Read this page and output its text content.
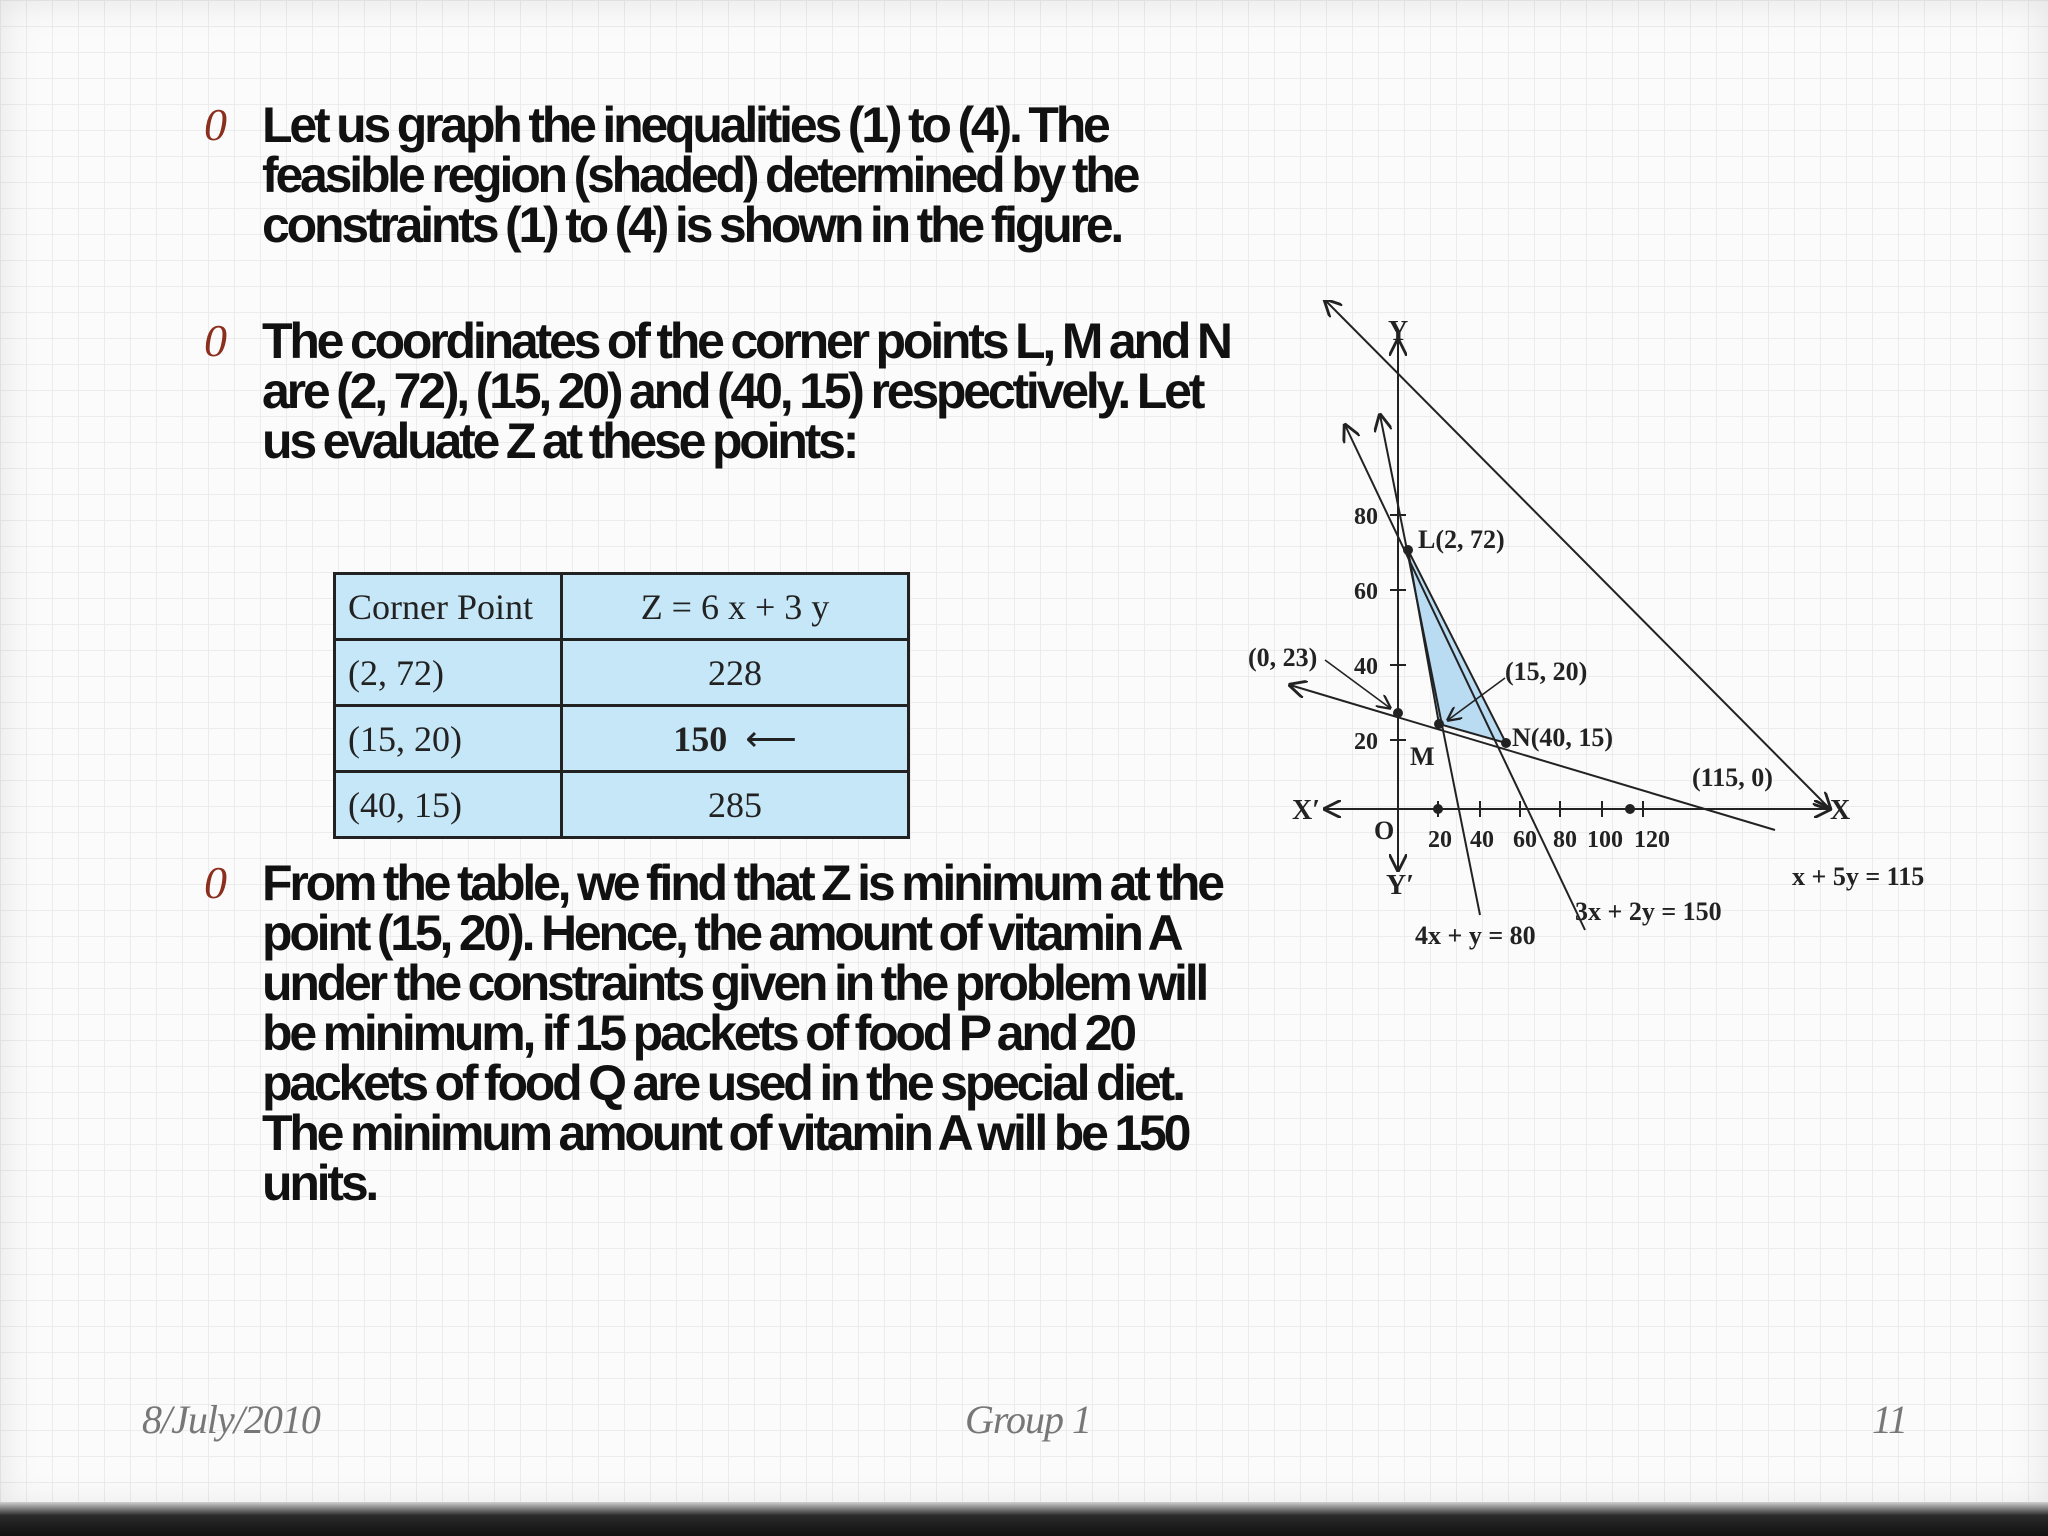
0 Let us graph the inequalities (1) to (4). The feasible region (shaded) determined by the constraints (1) to (4) is shown in the figure.
0 The coordinates of the corner points L, M and N are (2, 72), (15, 20) and (40, 15) respectively. Let us evaluate Z at these points:
Corner Point	Z = 6 x + 3 y
(2, 72)	228
(15, 20)	150 ⟵
(40, 15)	285
0 From the table, we find that Z is minimum at the point (15, 20). Hence, the amount of vitamin A under the constraints given in the problem will be minimum, if 15 packets of food P and 20 packets of food Q are used in the special diet. The minimum amount of vitamin A will be 150 units.
Y
Y′
X
X′
O
80
60
40
20
20 40 60 80 100 120
L(2, 72)
M
N(40, 15)
(0, 23)	(15, 20)
(115, 0)
4x + y = 80
3x + 2y = 150
x + 5y = 115
8/July/2010	Group 1	11
